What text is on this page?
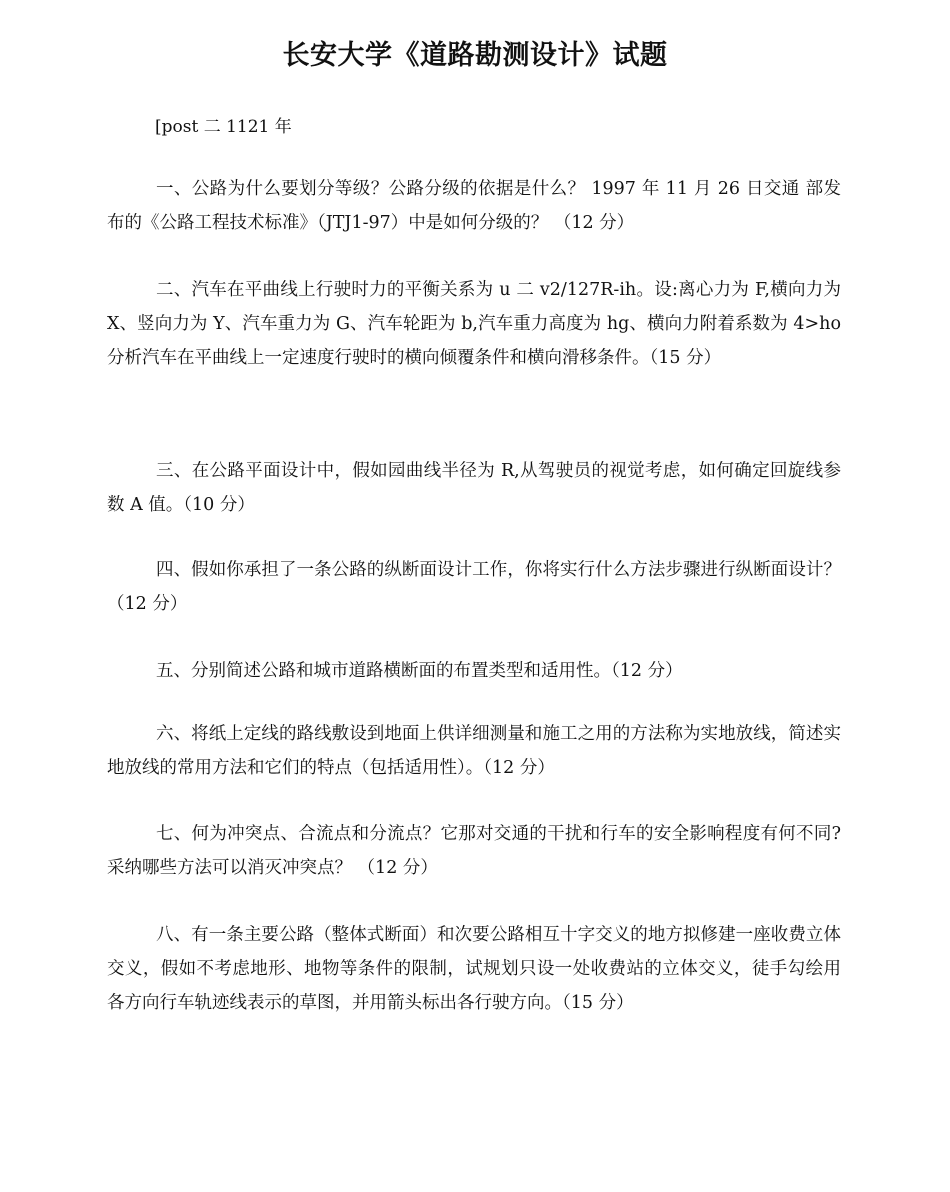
长安大学《道路勘测设计》试题

[post 二 1121 年

一、公路为什么要划分等级？公路分级的依据是什么？ 1997 年 11 月 26 日交通 部发布的《公路工程技术标准》（JTJ1-97）中是如何分级的？ （12 分）

二、汽车在平曲线上行驶时力的平衡关系为 u 二 v2/127R-ih。设:离心力为 F,横向力为 X、竖向力为 Y、汽车重力为 G、汽车轮距为 b,汽车重力高度为 hg、横向力附着系数为 4>ho 分析汽车在平曲线上一定速度行驶时的横向倾覆条件和横向滑移条件。（15 分）

三、在公路平面设计中，假如园曲线半径为 R,从驾驶员的视觉考虑，如何确定回旋线参数 A 值。（10 分）

四、假如你承担了一条公路的纵断面设计工作，你将实行什么方法步骤进行纵断面设计？（12 分）

五、分别简述公路和城市道路横断面的布置类型和适用性。（12 分）

六、将纸上定线的路线敷设到地面上供详细测量和施工之用的方法称为实地放线，简述实地放线的常用方法和它们的特点（包括适用性）。（12 分）

七、何为冲突点、合流点和分流点？它那对交通的干扰和行车的安全影响程度有何不同?采纳哪些方法可以消灭冲突点？ （12 分）

八、有一条主要公路（整体式断面）和次要公路相互十字交义的地方拟修建一座收费立体交义，假如不考虑地形、地物等条件的限制，试规划只设一处收费站的立体交义，徒手勾绘用各方向行车轨迹线表示的草图，并用箭头标出各行驶方向。（15 分）
